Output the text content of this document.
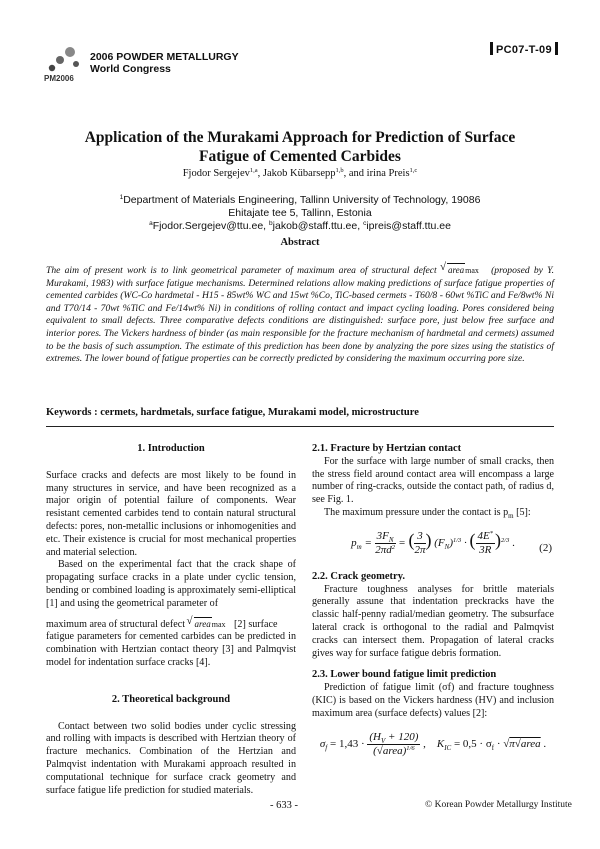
PM2006
2006 POWDER METALLURGY
World Congress
PC07-T-09
Application of the Murakami Approach for Prediction of Surface
Fatigue of Cemented Carbides
Fjodor Sergejev$^{1,a}$, Jakob Kübarsepp$^{1,b}$, and irina Preis$^{1,c}$
$^1$Department of Materials Engineering, Tallinn University of Technology, 19086
Ehitajate tee 5, Tallinn, Estonia
$^a$Fjodor.Sergejev@ttu.ee, $^b$jakob@staff.ttu.ee, $^c$ipreis@staff.ttu.ee
Abstract
The aim of present work is to link geometrical parameter of maximum area of structural defect √ areamax (proposed by Y. Murakami, 1983) with surface fatigue mechanisms. Determined relations allow making predictions of surface fatigue properties of cemented carbides (WC-Co hardmetal - H15 - 85wt% WC and 15wt %Co, TiC-based cermets - T60/8 - 60wt %TiC and Fe/8wt% Ni and T70/14 - 70wt %TiC and Fe/14wt% Ni) in conditions of rolling contact and impact cycling loading. Pores considered being equivalent to small defects. Three comparative defects conditions are distinguished: surface pore, just below free surface and interior pores. The Vickers hardness of binder (as main responsible for the fracture mechanism of hardmetal and cermets) assumed to be the basis of such assumption. The estimate of this prediction has been done by analyzing the pore sizes using the statistics of extremes. The lower bound of fatigue properties can be correctly predicted by considering the maximum occurring pore size.
Keywords : cermets, hardmetals, surface fatigue, Murakami model, microstructure

1. Introduction

Surface cracks and defects are most likely to be found in many structures in service, and have been recognized as a major origin of potential failure of components. Wear resistant cemented carbides tend to contain natural structural defects: pores, non-metallic inclusions or inhomogenities and etc. Their existence is crucial for most mechanical properties and material selection.

Based on the experimental fact that the crack shape of propagating surface cracks in a plate under cyclic tension, bending or combined loading is approximately semi-elliptical [1] and using the geometrical parameter of

maximum area of structural defect √ areamax [2] surface

fatigue parameters for cemented carbides can be predicted in combination with Hertzian contact theory [3] and Palmqvist model for indentation surface cracks [4].

2. Theoretical background

Contact between two solid bodies under cyclic stressing and rolling with impacts is described with Hertzian theory of fracture mechanics. Combination of the Hertzian and Palmqvist indentation with Murakami approach resulted in computational technique for surface crack geometry and surface fatigue life prediction for studied materials.

2.1. Fracture by Hertzian contact

For the surface with large number of small cracks, then the stress field around contact area will encompass a large number of ring-cracks, outside the contact path, of radius d, see Fig. 1.

The maximum pressure under the contact is $p_m$ [5]:

$p_m = \frac{3F_N}{2\pi d^2}$ = ( $\frac{3}{2\pi}$ ) $(F_N)^{1/3}$ · ( $\frac{4E^*}{3R} )^{2/3}$ . (2)

2.2. Crack geometry.

Fracture toughness analyses for brittle materials generally assune that indentation preckracks have the classic half-penny radial/median geometry. The subsurface lateral crack is orthogonal to the radial and Palmqvist cracks can intersect them. Propagation of lateral cracks gives way for surface fatigue debris formation.

2.3. Lower bound fatigue limit prediction

Prediction of fatigue limit (σf) and fracture toughness (KIC) is based on the Vickers hardness (HV) and inclusion maximum area (surface defects) values [2]:

$\sigma_f = 1,43 \cdot \frac{(H_V + 120)}{(√area)^{1/6}}$ ,    $K_{IC} = 0,5 \cdot \sigma_f$ · √π√area .
- 633 -	© Korean Powder Metallurgy Institute
